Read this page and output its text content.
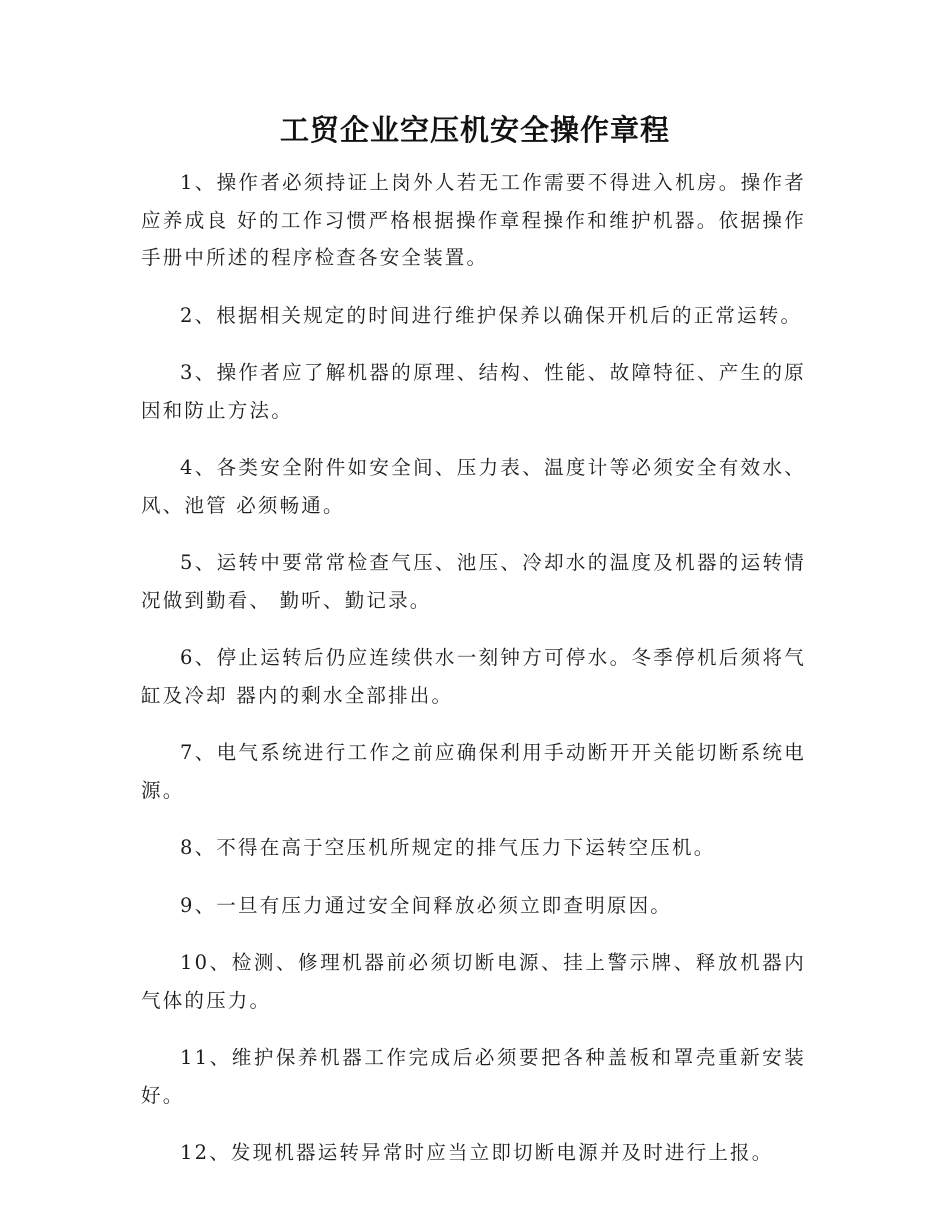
工贸企业空压机安全操作章程

1、操作者必须持证上岗外人若无工作需要不得进入机房。操作者应养成良 好的工作习惯严格根据操作章程操作和维护机器。依据操作手册中所述的程序检查各安全装置。

2、根据相关规定的时间进行维护保养以确保开机后的正常运转。

3、操作者应了解机器的原理、结构、性能、故障特征、产生的原因和防止方法。

4、各类安全附件如安全间、压力表、温度计等必须安全有效水、风、池管 必须畅通。

5、运转中要常常检查气压、池压、冷却水的温度及机器的运转情况做到勤看、 勤听、勤记录。

6、停止运转后仍应连续供水一刻钟方可停水。冬季停机后须将气缸及冷却 器内的剩水全部排出。

7、电气系统进行工作之前应确保利用手动断开开关能切断系统电源。

8、不得在高于空压机所规定的排气压力下运转空压机。

9、一旦有压力通过安全间释放必须立即查明原因。

10、检测、修理机器前必须切断电源、挂上警示牌、释放机器内气体的压力。

11、维护保养机器工作完成后必须要把各种盖板和罩壳重新安装好。

12、发现机器运转异常时应当立即切断电源并及时进行上报。
